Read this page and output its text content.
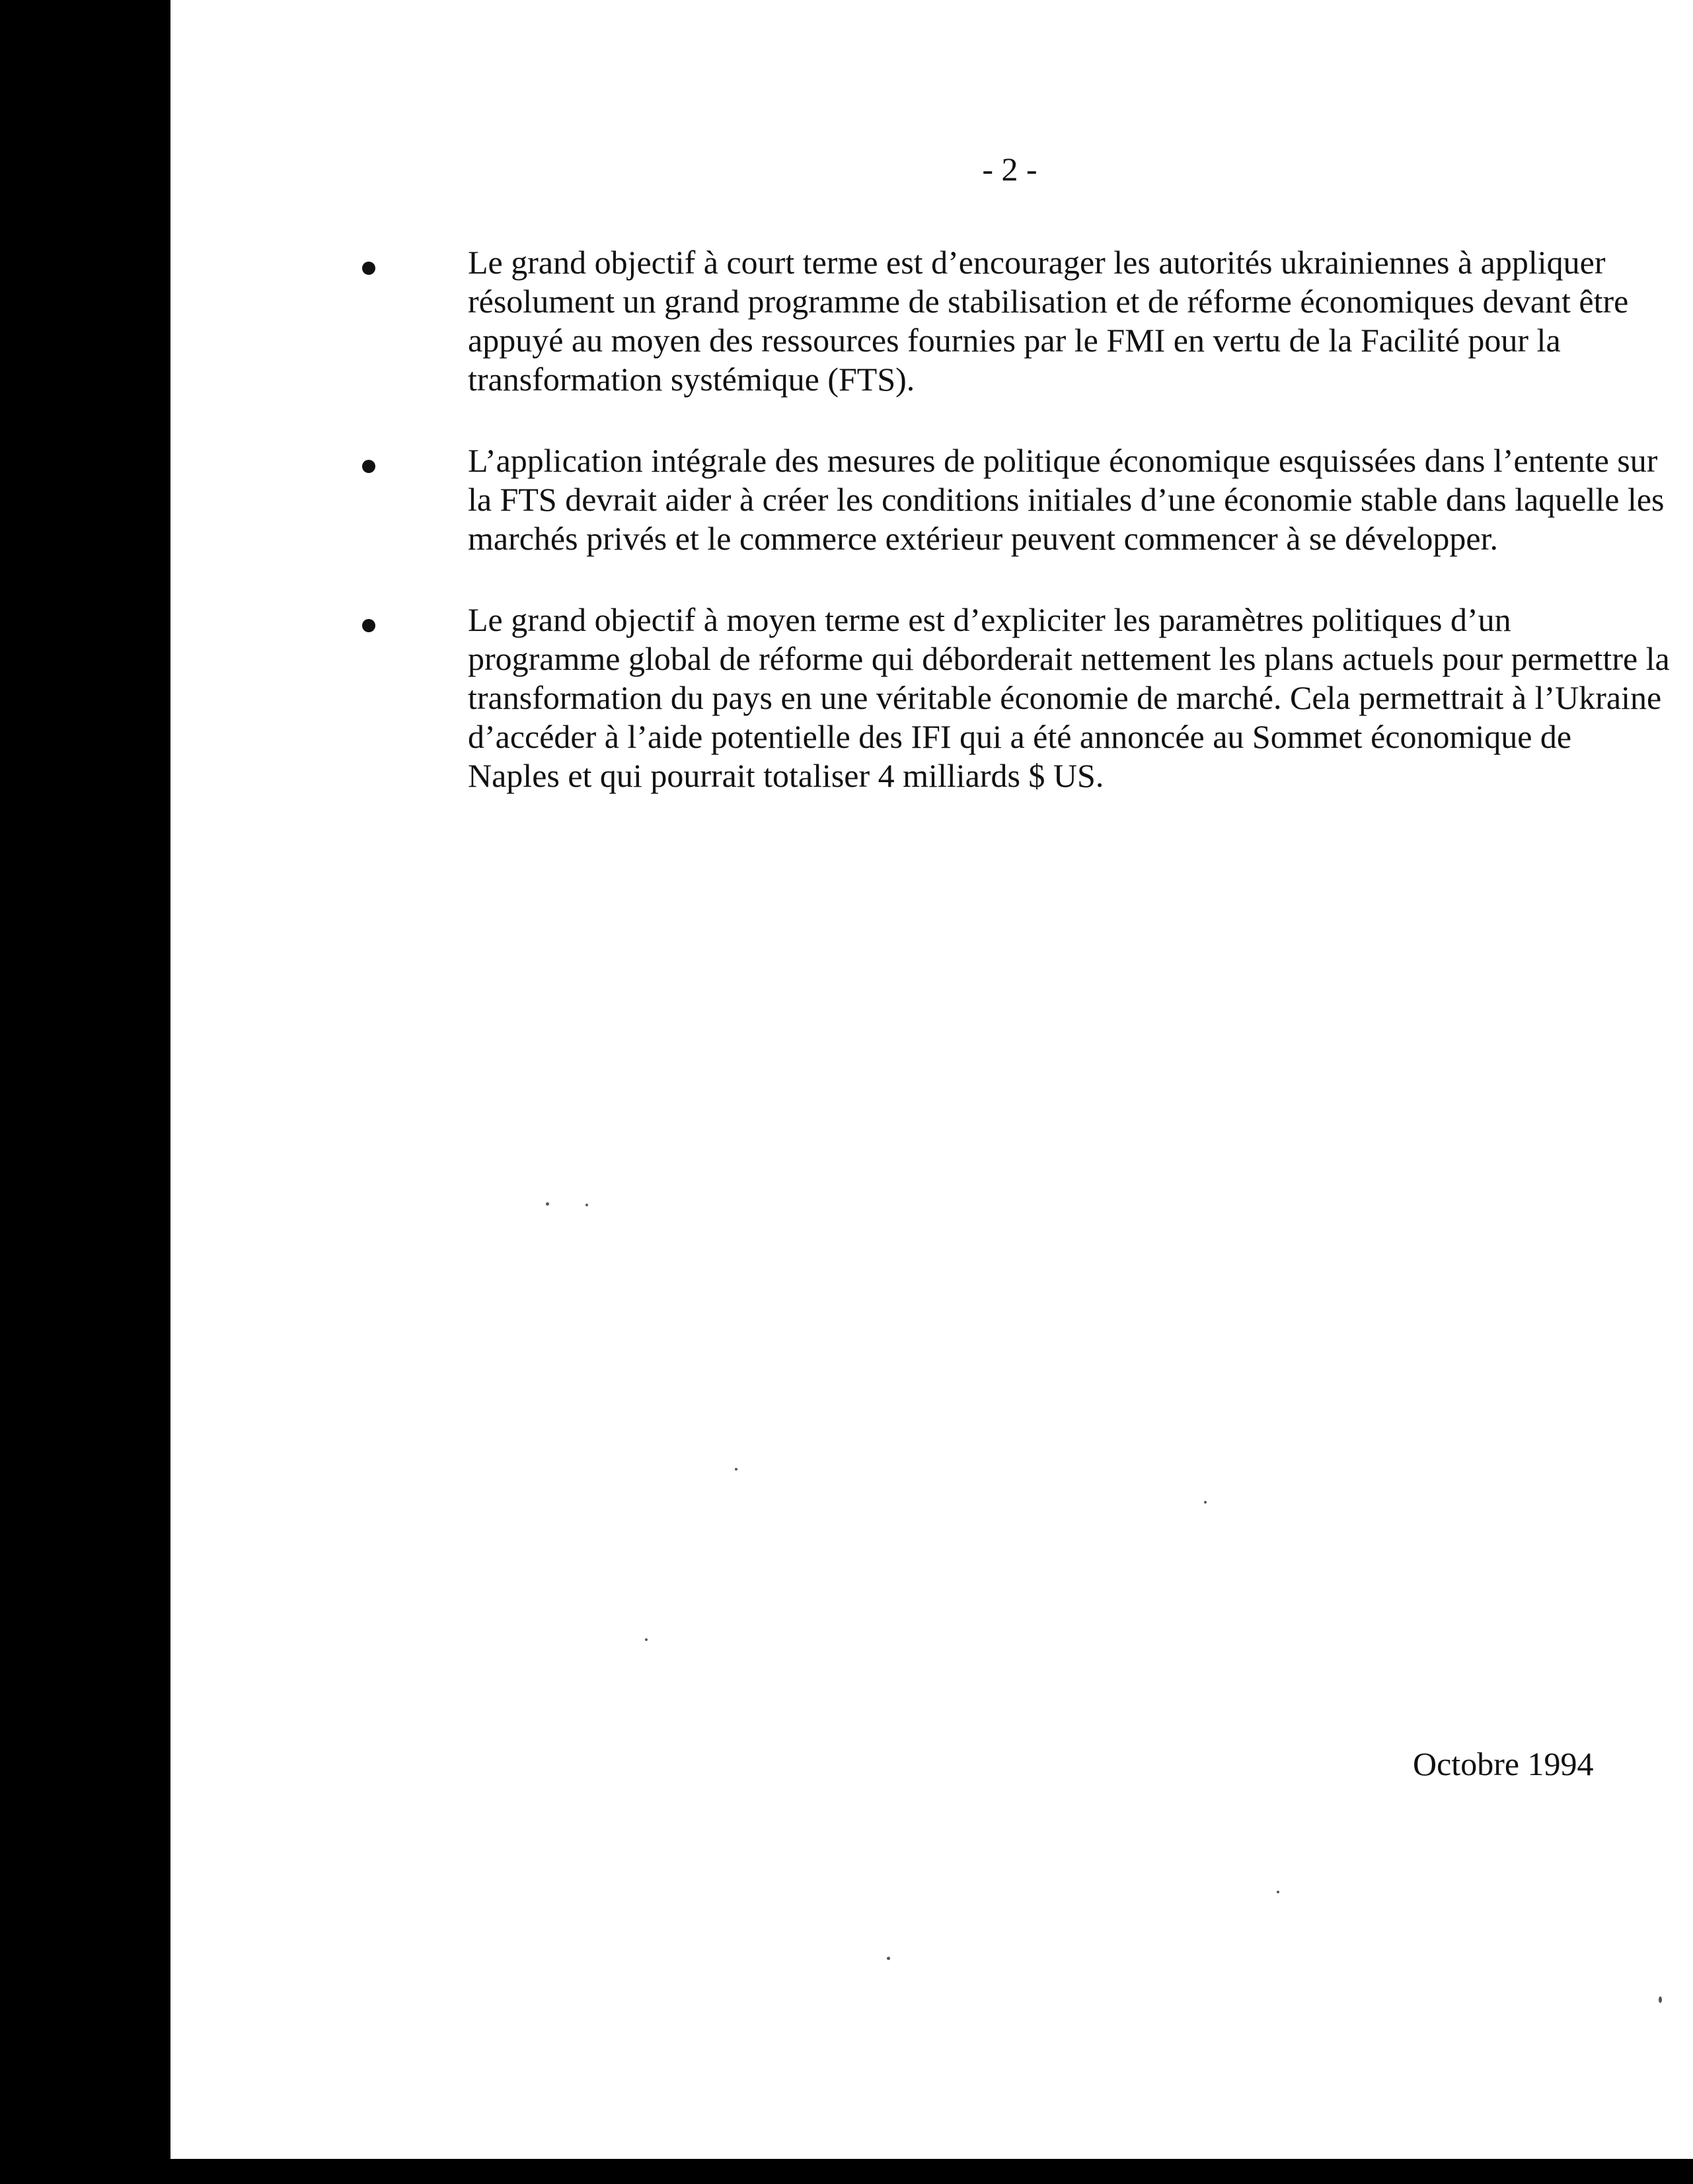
- 2 -
Le grand objectif à court terme est d’encourager les autorités ukrainiennes à appliquer résolument un grand programme de stabilisation et de réforme économiques devant être appuyé au moyen des ressources fournies par le FMI en vertu de la Facilité pour la transformation systémique (FTS).
L’application intégrale des mesures de politique économique esquissées dans l’entente sur la FTS devrait aider à créer les conditions initiales d’une économie stable dans laquelle les marchés privés et le commerce extérieur peuvent commencer à se développer.
Le grand objectif à moyen terme est d’expliciter les paramètres politiques d’un programme global de réforme qui déborderait nettement les plans actuels pour permettre la transformation du pays en une véritable économie de marché. Cela permettrait à l’Ukraine d’accéder à l’aide potentielle des IFI qui a été annoncée au Sommet économique de Naples et qui pourrait totaliser 4 milliards $ US.
Octobre 1994
